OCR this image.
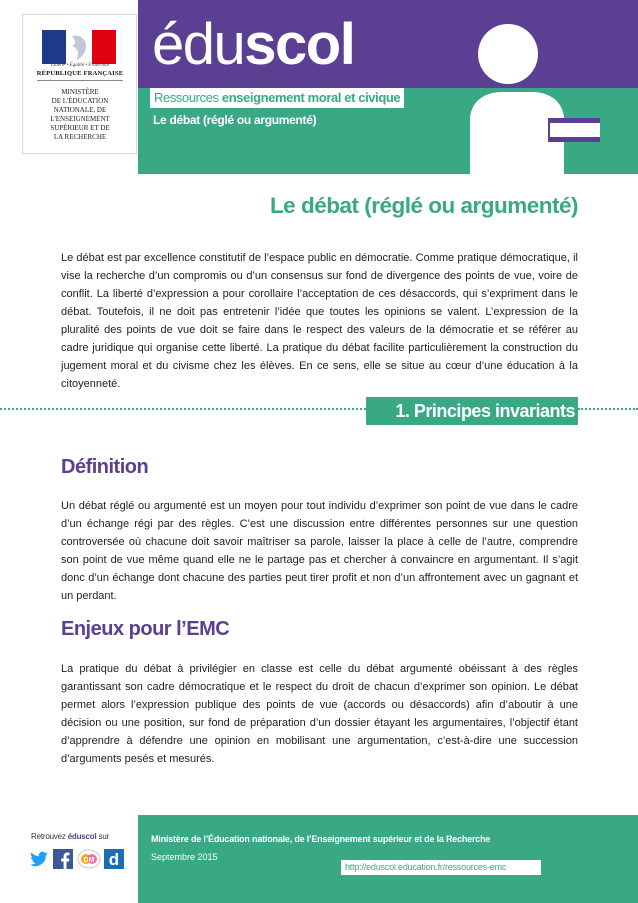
Liberté • Égalité • Fraternité
RÉPUBLIQUE FRANÇAISE
MINISTÈRE
DE L'ÉDUCATION
NATIONALE, DE
L'ENSEIGNEMENT
SUPÉRIEUR ET DE
LA RECHERCHE
éduscol
Ressources enseignement moral et civique
Le débat (réglé ou argumenté)
Le débat (réglé ou argumenté)

Le débat est par excellence constitutif de l’espace public en démocratie. Comme pratique démocratique, il vise la recherche d’un compromis ou d’un consensus sur fond de divergence des points de vue, voire de conflit. La liberté d’expression a pour corollaire l’acceptation de ces désaccords, qui s’expriment dans le débat. Toutefois, il ne doit pas entretenir l’idée que toutes les opinions se valent. L’expression de la pluralité des points de vue doit se faire dans le respect des valeurs de la démocratie et se référer au cadre juridique qui organise cette liberté. La pratique du débat facilite particulièrement la construction du jugement moral et du civisme chez les élèves. En ce sens, elle se situe au cœur d’une éducation à la citoyenneté.

1. Principes invariants
Définition

Un débat réglé ou argumenté est un moyen pour tout individu d’exprimer son point de vue dans le cadre d’un échange régi par des règles. C’est une discussion entre différentes personnes sur une question controversée où chacune doit savoir maîtriser sa parole, laisser la place à celle de l’autre, comprendre son point de vue même quand elle ne le partage pas et chercher à convaincre en argumentant. Il s’agit donc d’un échange dont chacune des parties peut tirer profit et non d’un affrontement avec un gagnant et un perdant.

Enjeux pour l’EMC

La pratique du débat à privilégier en classe est celle du débat argumenté obéissant à des règles garantissant son cadre démocratique et le respect du droit de chacun d’exprimer son opinion. Le débat permet alors l’expression publique des points de vue (accords ou désaccords) afin d’aboutir à une décision ou une position, sur fond de préparation d’un dossier étayant les argumentaires, l’objectif étant d’apprendre à défendre une opinion en mobilisant une argumentation, c’est-à-dire une succession d’arguments pesés et mesurés.

Retrouvez éduscol sur
DM d
Ministère de l’Éducation nationale, de l’Enseignement supérieur et de la Recherche
Septembre 2015
http://eduscol.education.fr/ressources-emc
